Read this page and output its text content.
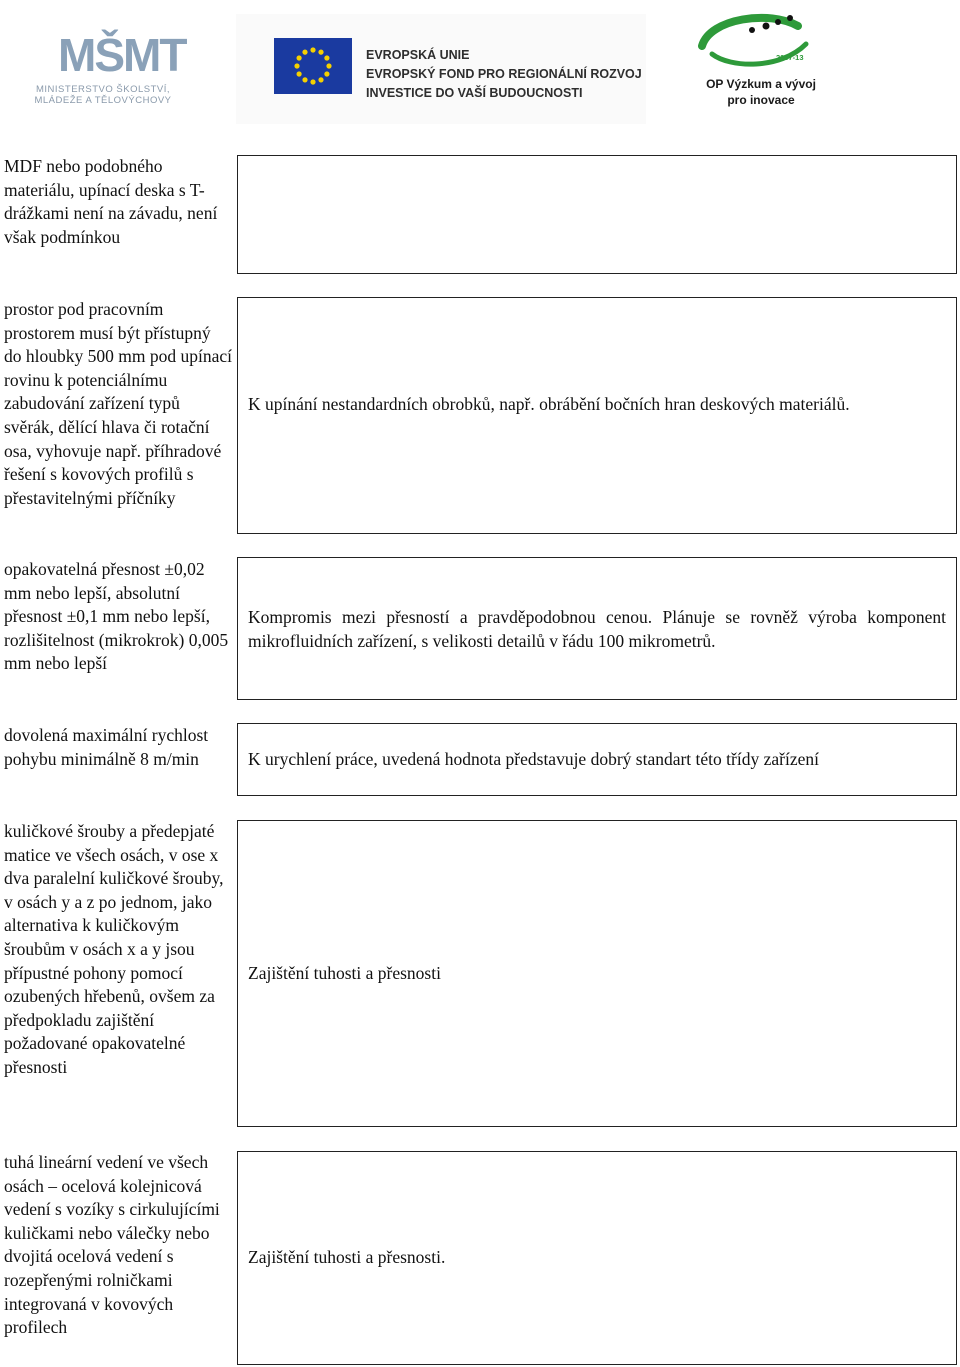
MŠMT
MINISTERSTVO ŠKOLSTVÍ,
MLÁDEŽE A TĚLOVÝCHOVY
EVROPSKÁ UNIE
EVROPSKÝ FOND PRO REGIONÁLNÍ ROZVOJ
INVESTICE DO VAŠÍ BUDOUCNOSTI
2007-13
OP Výzkum a vývoj
pro inovace
MDF nebo podobného materiálu, upínací deska s T-drážkami není na závadu, není však podmínkou
prostor pod pracovním prostorem musí být přístupný do hloubky 500 mm pod upínací rovinu k potenciálnímu zabudování zařízení typů svěrák, dělící hlava či rotační osa, vyhovuje např. příhradové řešení s kovových profilů s přestavitelnými příčníky
K upínání nestandardních obrobků, např. obrábění bočních hran deskových materiálů.
opakovatelná přesnost ±0,02 mm nebo lepší, absolutní přesnost ±0,1 mm nebo lepší, rozlišitelnost (mikrokrok) 0,005 mm nebo lepší
Kompromis mezi přesností a pravděpodobnou cenou. Plánuje se rovněž výroba komponent mikrofluidních zařízení, s velikosti detailů v řádu 100 mikrometrů.
dovolená maximální rychlost pohybu minimálně 8 m/min	K urychlení práce, uvedená hodnota představuje dobrý standart této třídy zařízení
kuličkové šrouby a předepjaté matice ve všech osách, v ose x dva paralelní kuličkové šrouby, v osách y a z po jednom, jako alternativa k kuličkovým šroubům v osách x a y jsou přípustné pohony pomocí ozubených hřebenů, ovšem za předpokladu zajištění požadované opakovatelné přesnosti
Zajištění tuhosti a přesnosti
tuhá lineární vedení ve všech osách – ocelová kolejnicová vedení s vozíky s cirkulujícími kuličkami nebo válečky nebo dvojitá ocelová vedení s rozepřenými rolničkami integrovaná v kovových profilech
Zajištění tuhosti a přesnosti.
